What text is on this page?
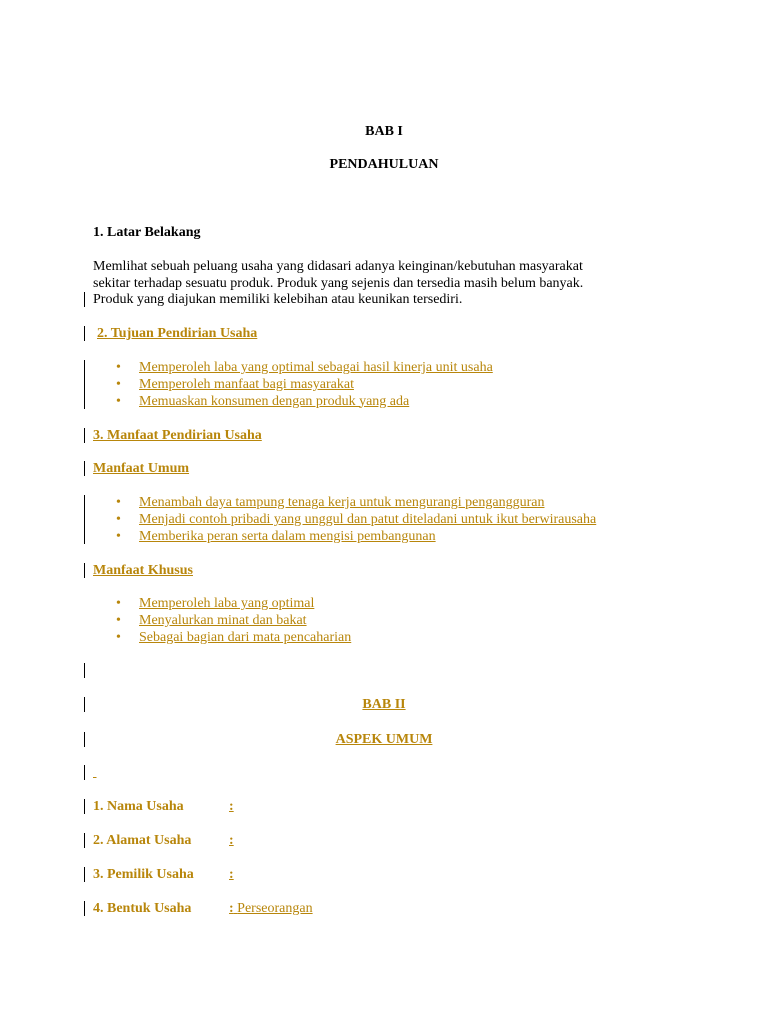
BAB I
PENDAHULUAN
1. Latar Belakang
Memlihat sebuah peluang usaha yang didasari adanya keinginan/kebutuhan masyarakat
sekitar terhadap sesuatu produk. Produk yang sejenis dan tersedia masih belum banyak.
Produk yang diajukan memiliki kelebihan atau keunikan tersediri.
2. Tujuan Pendirian Usaha
• Memperoleh laba yang optimal sebagai hasil kinerja unit usaha
• Memperoleh manfaat bagi masyarakat
• Memuaskan konsumen dengan produk yang ada
3. Manfaat Pendirian Usaha
Manfaat Umum
• Menambah daya tampung tenaga kerja untuk mengurangi pengangguran
• Menjadi contoh pribadi yang unggul dan patut diteladani untuk ikut berwirausaha
• Memberika peran serta dalam mengisi pembangunan
Manfaat Khusus
• Memperoleh laba yang optimal
• Menyalurkan minat dan bakat
• Sebagai bagian dari mata pencaharian
BAB II
ASPEK UMUM

1. Nama Usaha	:
2. Alamat Usaha	:
3. Pemilik Usaha	:
4. Bentuk Usaha	: Perseorangan
